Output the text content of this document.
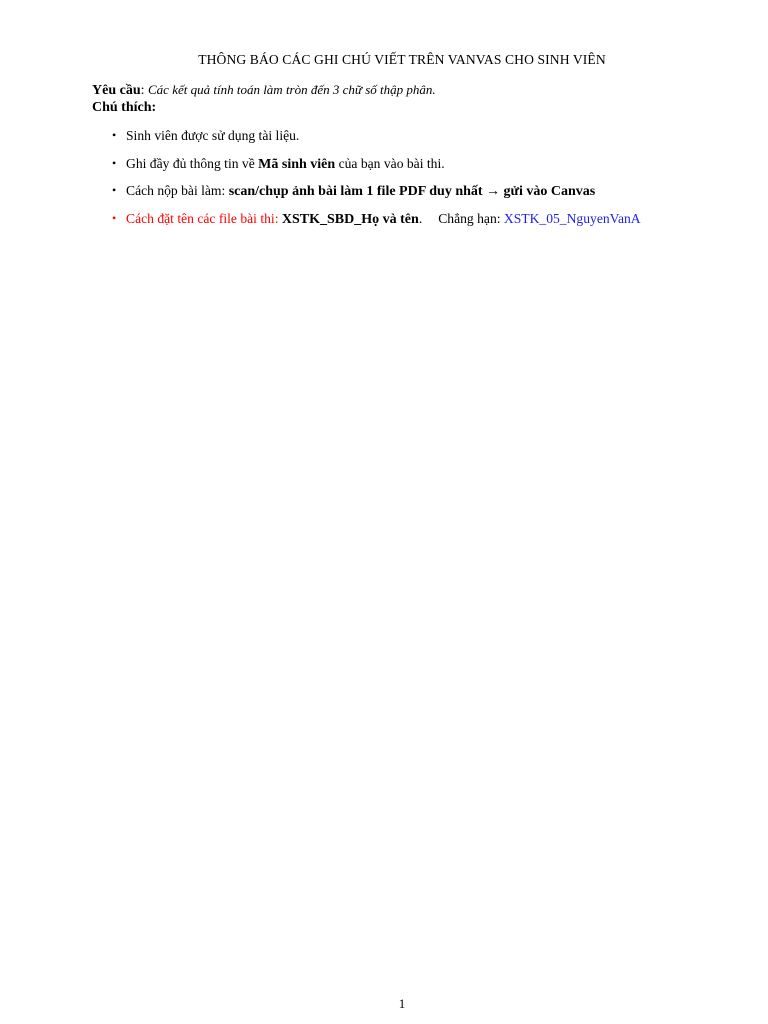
THÔNG BÁO CÁC GHI CHÚ VIẾT TRÊN VANVAS CHO SINH VIÊN
Yêu cầu: Các kết quả tính toán làm tròn đến 3 chữ số thập phân.
Chú thích:
• Sinh viên được sử dụng tài liệu.
• Ghi đầy đủ thông tin về Mã sinh viên của bạn vào bài thi.
• Cách nộp bài làm: scan/chụp ảnh bài làm 1 file PDF duy nhất → gửi vào Canvas
• Cách đặt tên các file bài thi: XSTK_SBD_Họ và tên. Chẳng hạn: XSTK_05_NguyenVanA
1
